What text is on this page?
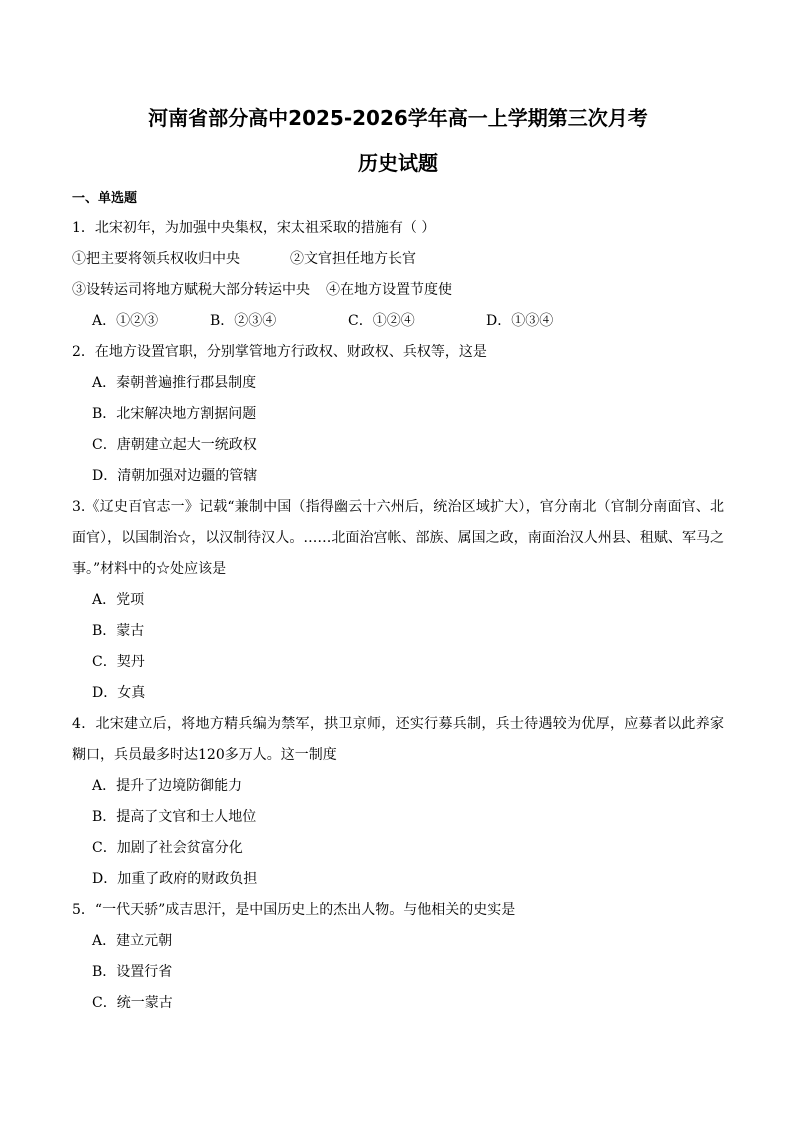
河南省部分高中2025-2026学年高一上学期第三次月考
历史试题
一、单选题
1．北宋初年，为加强中央集权，宋太祖采取的措施有（ ）
①把主要将领兵权收归中央	②文官担任地方长官
③设转运司将地方赋税大部分转运中央 ④在地方设置节度使
A．①②③	B．②③④	C．①②④	D．①③④
2．在地方设置官职，分别掌管地方行政权、财政权、兵权等，这是
A．秦朝普遍推行郡县制度
B．北宋解决地方割据问题
C．唐朝建立起大一统政权
D．清朝加强对边疆的管辖
3.《辽史百官志一》记载“兼制中国（指得幽云十六州后，统治区域扩大），官分南北（官制分南面官、北面官），以国制治☆，以汉制待汉人。……北面治宫帐、部族、属国之政，南面治汉人州县、租赋、军马之事。”材料中的☆处应该是
A．党项
B．蒙古
C．契丹
D．女真
4．北宋建立后，将地方精兵编为禁军，拱卫京师，还实行募兵制，兵士待遇较为优厚，应募者以此养家糊口，兵员最多时达120多万人。这一制度
A．提升了边境防御能力
B．提高了文官和士人地位
C．加剧了社会贫富分化
D．加重了政府的财政负担
5．“一代天骄”成吉思汗，是中国历史上的杰出人物。与他相关的史实是
A．建立元朝
B．设置行省
C．统一蒙古
